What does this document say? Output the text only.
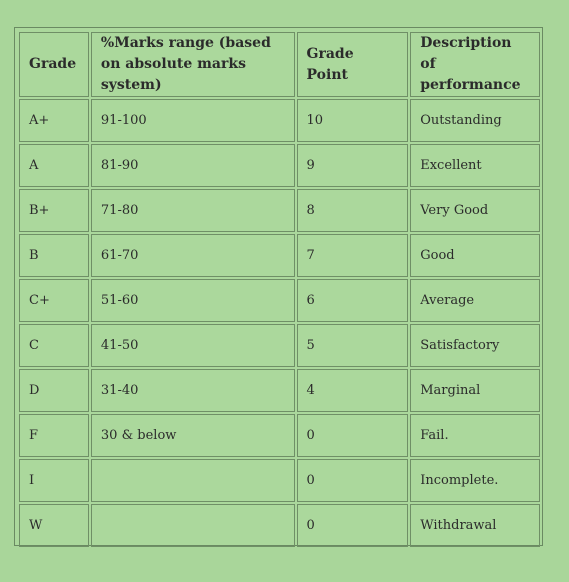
Grade	%Marks range (based on absolute marks system)	Grade Point	Description of performance
A+	91-100	10	Outstanding
A	81-90	9	Excellent
B+	71-80	8	Very Good
B	61-70	7	Good
C+	51-60	6	Average
C	41-50	5	Satisfactory
D	31-40	4	Marginal
F	30 & below	0	Fail.
I		0	Incomplete.
W		0	Withdrawal
